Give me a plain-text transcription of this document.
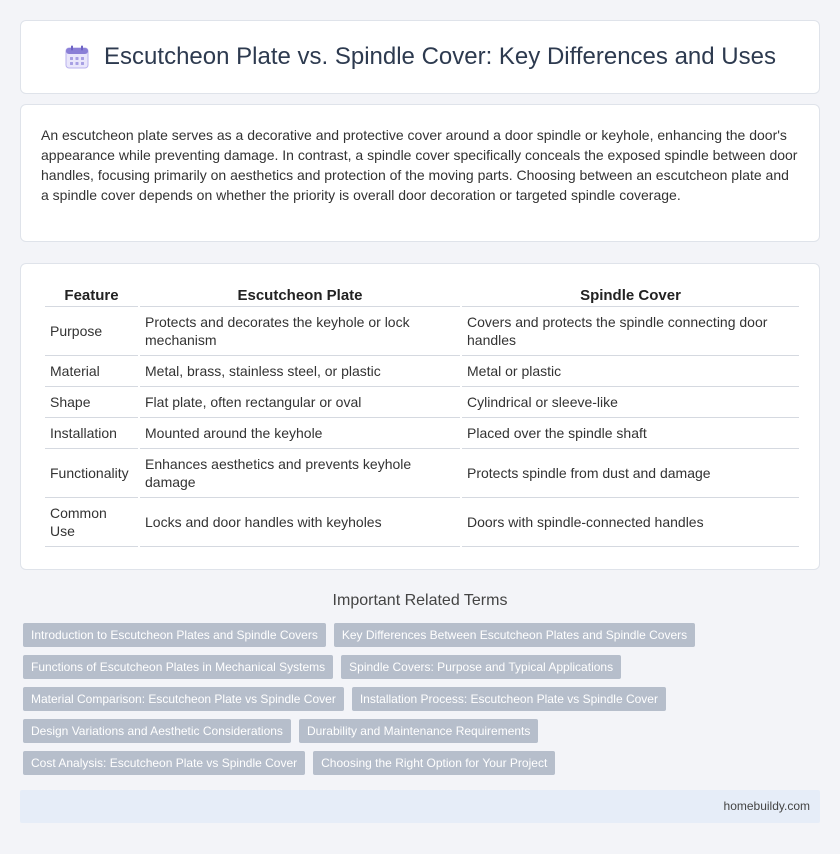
Escutcheon Plate vs. Spindle Cover: Key Differences and Uses

An escutcheon plate serves as a decorative and protective cover around a door spindle or keyhole, enhancing the door's appearance while preventing damage. In contrast, a spindle cover specifically conceals the exposed spindle between door handles, focusing primarily on aesthetics and protection of the moving parts. Choosing between an escutcheon plate and a spindle cover depends on whether the priority is overall door decoration or targeted spindle coverage.

Feature	Escutcheon Plate	Spindle Cover
Purpose	Protects and decorates the keyhole or lock mechanism	Covers and protects the spindle connecting door handles
Material	Metal, brass, stainless steel, or plastic	Metal or plastic
Shape	Flat plate, often rectangular or oval	Cylindrical or sleeve-like
Installation	Mounted around the keyhole	Placed over the spindle shaft
Functionality	Enhances aesthetics and prevents keyhole damage	Protects spindle from dust and damage
Common Use	Locks and door handles with keyholes	Doors with spindle-connected handles
Important Related Terms
Introduction to Escutcheon Plates and Spindle Covers	Key Differences Between Escutcheon Plates and Spindle Covers
Functions of Escutcheon Plates in Mechanical Systems	Spindle Covers: Purpose and Typical Applications
Material Comparison: Escutcheon Plate vs Spindle Cover	Installation Process: Escutcheon Plate vs Spindle Cover
Design Variations and Aesthetic Considerations	Durability and Maintenance Requirements
Cost Analysis: Escutcheon Plate vs Spindle Cover	Choosing the Right Option for Your Project
homebuildy.com
